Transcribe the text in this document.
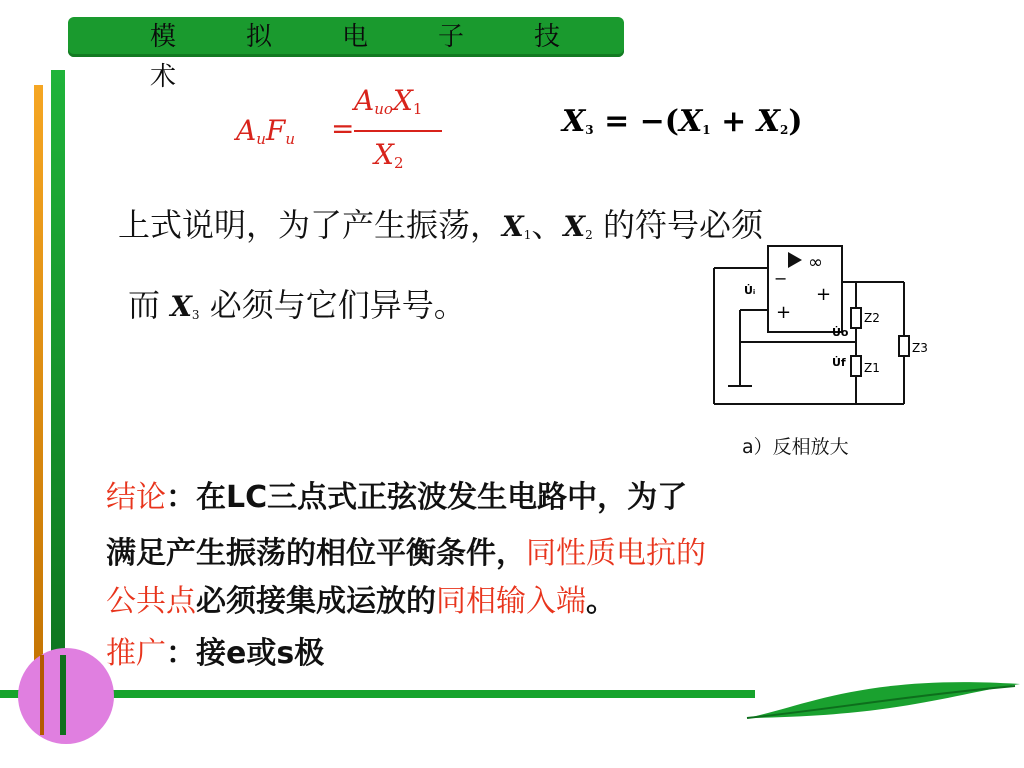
模　拟　电　子　技　术
$A_uF_u$ =
$A_{uo}X_1$
$X_2$
X3 = −(X1 + X2)
上式说明，为了产生振荡，X1、X2 的符号必须
而 X3 必须与它们异号。
∞
−
+
+
U̇ᵢ
U̇o
U̇f
Z2
Z1
Z3
a）反相放大
结论：在LC三点式正弦波发生电路中，为了
满足产生振荡的相位平衡条件，同性质电抗的
公共点必须接集成运放的同相输入端。
推广：接e或s极
